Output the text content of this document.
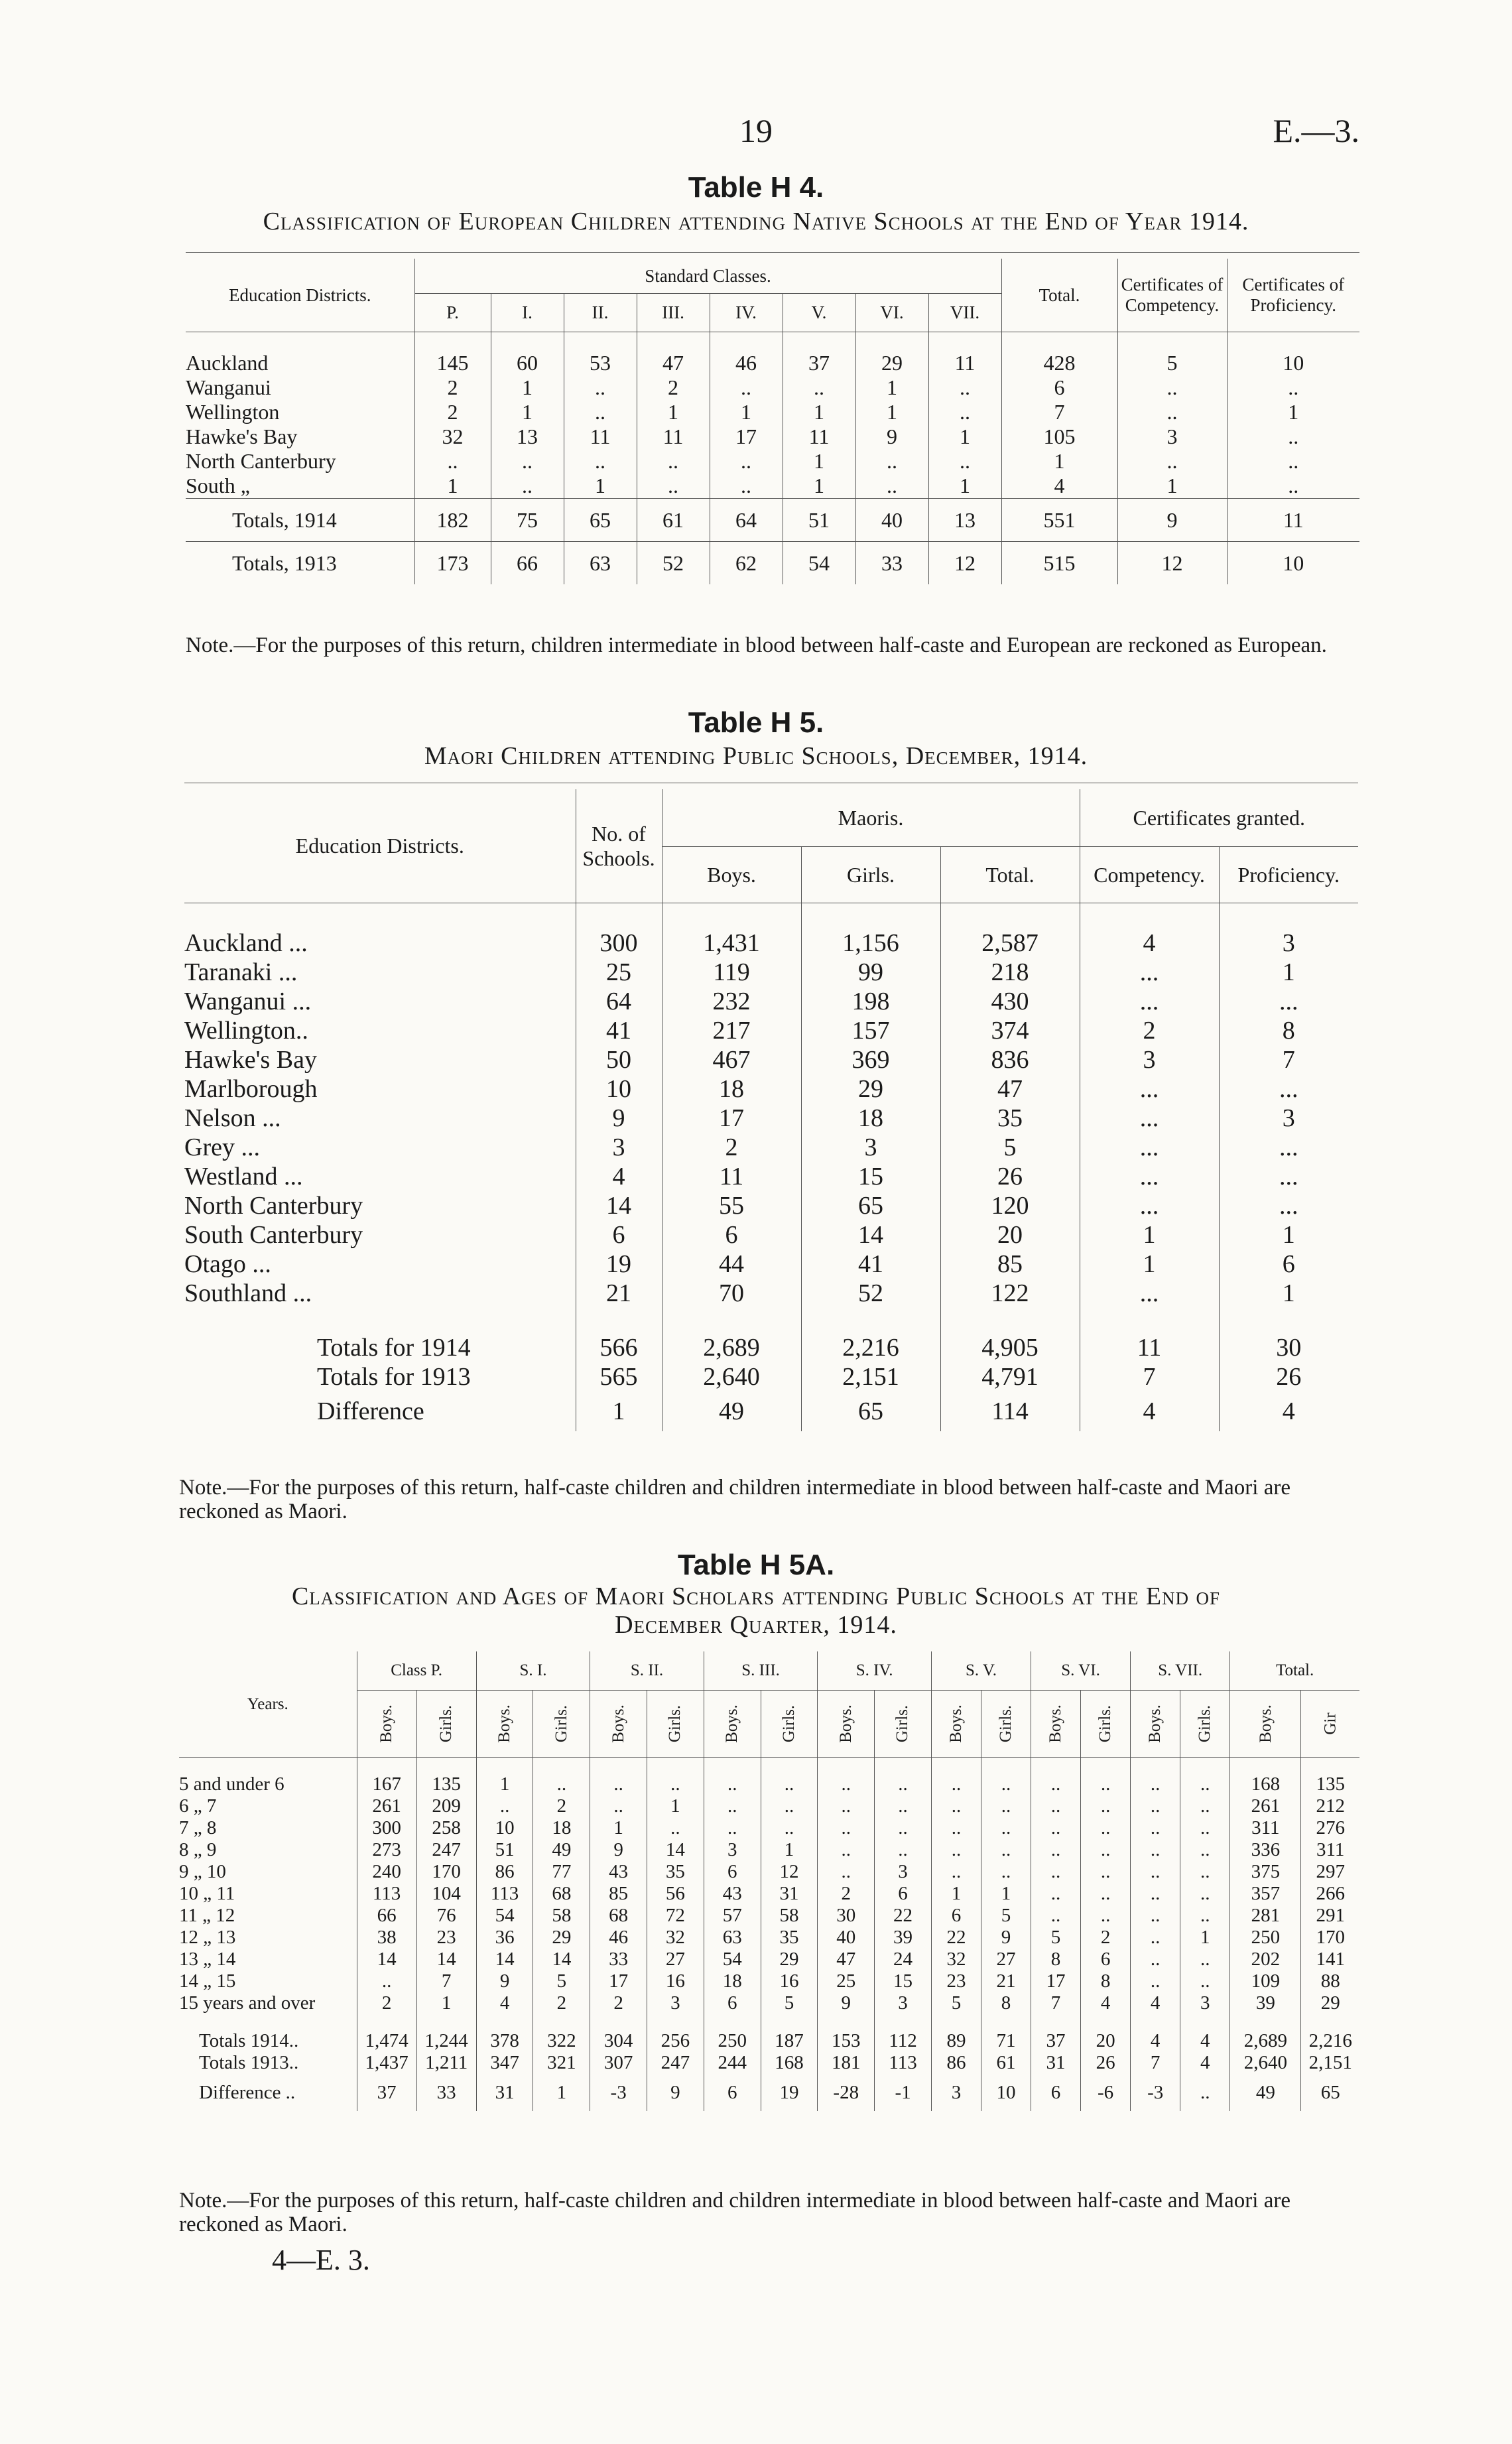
19	E.—3.
Table H 4.
Classification of European Children attending Native Schools at the End of Year 1914.
Education Districts.	Standard Classes.								Total.	Certificates of Competency.	Certificates of Proficiency.
	P.	I.	II.	III.	IV.	V.	VI.	VII.			

Auckland	145	60	53	47	46	37	29	11	428	5	10
Wanganui	2	1	..	2	..	..	1	..	6	..	..
Wellington	2	1	..	1	1	1	1	..	7	..	1
Hawke's Bay	32	13	11	11	17	11	9	1	105	3	..
North Canterbury	..	..	..	..	..	1	..	..	1	..	..
South „	1	..	1	..	..	1	..	1	4	1	..
Totals, 1914	182	75	65	61	64	51	40	13	551	9	11
Totals, 1913	173	66	63	52	62	54	33	12	515	12	10
Note.—For the purposes of this return, children intermediate in blood between half-caste and European are reckoned as European.
Table H 5.
Maori Children attending Public Schools, December, 1914.
Education Districts.	No. of Schools.	Maoris.			Certificates granted.	
		Boys.	Girls.	Total.	Competency.	Proficiency.

Auckland ...	300	1,431	1,156	2,587	4	3
Taranaki ...	25	119	99	218	...	1
Wanganui ...	64	232	198	430	...	...
Wellington..	41	217	157	374	2	8
Hawke's Bay	50	467	369	836	3	7
Marlborough	10	18	29	47	...	...
Nelson ...	9	17	18	35	...	3
Grey ...	3	2	3	5	...	...
Westland ...	4	11	15	26	...	...
North Canterbury	14	55	65	120	...	...
South Canterbury	6	6	14	20	1	1
Otago ...	19	44	41	85	1	6
Southland ...	21	70	52	122	...	1

Totals for 1914	566	2,689	2,216	4,905	11	30
Totals for 1913	565	2,640	2,151	4,791	7	26
Difference	1	49	65	114	4	4
Note.—For the purposes of this return, half-caste children and children intermediate in blood between half-caste and Maori are reckoned as Maori.
Table H 5A.
Classification and Ages of Maori Scholars attending Public Schools at the End of
December Quarter, 1914.
Years.	Class P.		S. I.		S. II.		S. III.		S. IV.		S. V.		S. VI.		S. VII.		Total.	
	Boys.	Girls.	Boys.	Girls.	Boys.	Girls.	Boys.	Girls.	Boys.	Girls.	Boys.	Girls.	Boys.	Girls.	Boys.	Girls.	Boys.	Gir

5 and under 6	167	135	1	..	..	..	..	..	..	..	..	..	..	..	..	..	168	135
6 „ 7	261	209	..	2	..	1	..	..	..	..	..	..	..	..	..	..	261	212
7 „ 8	300	258	10	18	1	..	..	..	..	..	..	..	..	..	..	..	311	276
8 „ 9	273	247	51	49	9	14	3	1	..	..	..	..	..	..	..	..	336	311
9 „ 10	240	170	86	77	43	35	6	12	..	3	..	..	..	..	..	..	375	297
10 „ 11	113	104	113	68	85	56	43	31	2	6	1	1	..	..	..	..	357	266
11 „ 12	66	76	54	58	68	72	57	58	30	22	6	5	..	..	..	..	281	291
12 „ 13	38	23	36	29	46	32	63	35	40	39	22	9	5	2	..	1	250	170
13 „ 14	14	14	14	14	33	27	54	29	47	24	32	27	8	6	..	..	202	141
14 „ 15	..	7	9	5	17	16	18	16	25	15	23	21	17	8	..	..	109	88
15 years and over	2	1	4	2	2	3	6	5	9	3	5	8	7	4	4	3	39	29

Totals 1914..	1,474	1,244	378	322	304	256	250	187	153	112	89	71	37	20	4	4	2,689	2,216
Totals 1913..	1,437	1,211	347	321	307	247	244	168	181	113	86	61	31	26	7	4	2,640	2,151
Difference ..	37	33	31	1	-3	9	6	19	-28	-1	3	10	6	-6	-3	..	49	65
Note.—For the purposes of this return, half-caste children and children intermediate in blood between half-caste and Maori are reckoned as Maori.
4—E. 3.
